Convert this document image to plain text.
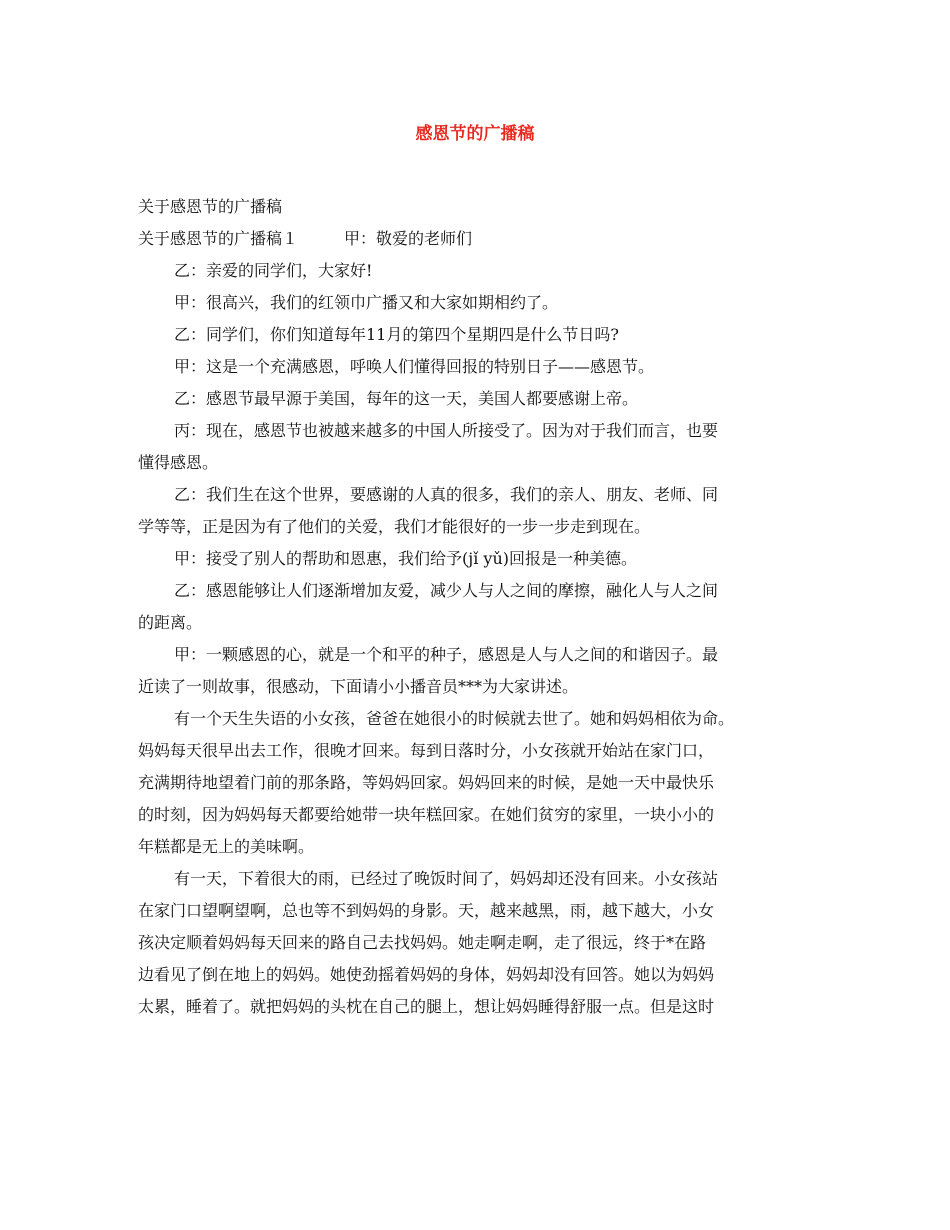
感恩节的广播稿
关于感恩节的广播稿
关于感恩节的广播稿１	甲：敬爱的老师们
乙：亲爱的同学们，大家好!
甲：很高兴，我们的红领巾广播又和大家如期相约了。
乙：同学们，你们知道每年11月的第四个星期四是什么节日吗?
甲：这是一个充满感恩，呼唤人们懂得回报的特别日子——感恩节。
乙：感恩节最早源于美国，每年的这一天，美国人都要感谢上帝。
丙：现在，感恩节也被越来越多的中国人所接受了。因为对于我们而言，也要
懂得感恩。
乙：我们生在这个世界，要感谢的人真的很多，我们的亲人、朋友、老师、同
学等等，正是因为有了他们的关爱，我们才能很好的一步一步走到现在。
甲：接受了别人的帮助和恩惠，我们给予(jǐ yǔ)回报是一种美德。
乙：感恩能够让人们逐渐增加友爱，减少人与人之间的摩擦，融化人与人之间
的距离。
甲：一颗感恩的心，就是一个和平的种子，感恩是人与人之间的和谐因子。最
近读了一则故事，很感动，下面请小小播音员***为大家讲述。
有一个天生失语的小女孩，爸爸在她很小的时候就去世了。她和妈妈相依为命。
妈妈每天很早出去工作，很晚才回来。每到日落时分，小女孩就开始站在家门口，
充满期待地望着门前的那条路，等妈妈回家。妈妈回来的时候，是她一天中最快乐
的时刻，因为妈妈每天都要给她带一块年糕回家。在她们贫穷的家里，一块小小的
年糕都是无上的美味啊。
有一天，下着很大的雨，已经过了晚饭时间了，妈妈却还没有回来。小女孩站
在家门口望啊望啊，总也等不到妈妈的身影。天，越来越黑，雨，越下越大，小女
孩决定顺着妈妈每天回来的路自己去找妈妈。她走啊走啊，走了很远，终于*在路
边看见了倒在地上的妈妈。她使劲摇着妈妈的身体，妈妈却没有回答。她以为妈妈
太累，睡着了。就把妈妈的头枕在自己的腿上，想让妈妈睡得舒服一点。但是这时
